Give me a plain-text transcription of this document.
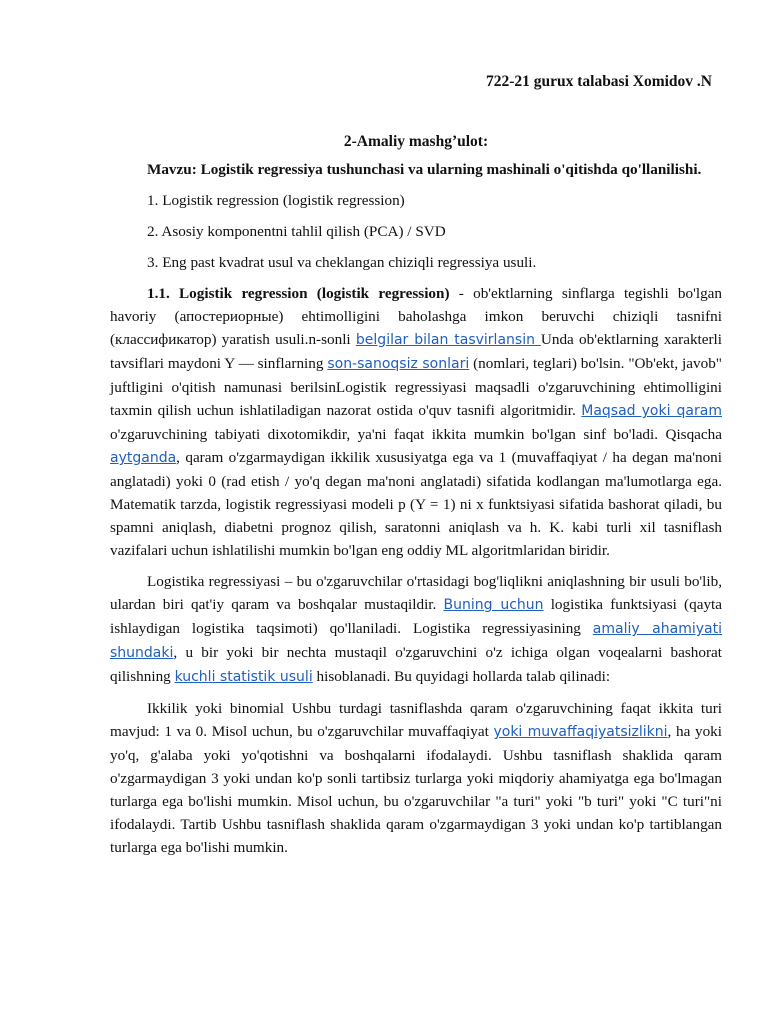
722-21 gurux talabasi Xomidov .N
2-Amaliy mashg’ulot:

Mavzu: Logistik regressiya tushunchasi va ularning mashinali o'qitishda qo'llanilishi.

1. Logistik regression (logistik regression)

2. Asosiy komponentni tahlil qilish (PCA) / SVD

3. Eng past kvadrat usul va cheklangan chiziqli regressiya usuli.

1.1. Logistik regression (logistik regression) - ob'ektlarning sinflarga tegishli bo'lgan havoriy (апостериорные) ehtimolligini baholashga imkon beruvchi chiziqli tasnifni (классификатор) yaratish usuli.n-sonli belgilar bilan tasvirlansin Unda ob'ektlarning xarakterli tavsiflari maydoni Y — sinflarning son-sanoqsiz sonlari (nomlari, teglari) bo'lsin. "Ob'ekt, javob" juftligini o'qitish namunasi berilsinLogistik regressiyasi maqsadli o'zgaruvchining ehtimolligini taxmin qilish uchun ishlatiladigan nazorat ostida o'quv tasnifi algoritmidir. Maqsad yoki qaram o'zgaruvchining tabiyati dixotomikdir, ya'ni faqat ikkita mumkin bo'lgan sinf bo'ladi. Qisqacha aytganda, qaram o'zgarmaydigan ikkilik xususiyatga ega va 1 (muvaffaqiyat / ha degan ma'noni anglatadi) yoki 0 (rad etish / yo'q degan ma'noni anglatadi) sifatida kodlangan ma'lumotlarga ega. Matematik tarzda, logistik regressiyasi modeli p (Y = 1) ni x funktsiyasi sifatida bashorat qiladi, bu spamni aniqlash, diabetni prognoz qilish, saratonni aniqlash va h. K. kabi turli xil tasniflash vazifalari uchun ishlatilishi mumkin bo'lgan eng oddiy ML algoritmlaridan biridir.

Logistika regressiyasi – bu o'zgaruvchilar o'rtasidagi bog'liqlikni aniqlashning bir usuli bo'lib, ulardan biri qat'iy qaram va boshqalar mustaqildir. Buning uchun logistika funktsiyasi (qayta ishlaydigan logistika taqsimoti) qo'llaniladi. Logistika regressiyasining amaliy ahamiyati shundaki, u bir yoki bir nechta mustaqil o'zgaruvchini o'z ichiga olgan voqealarni bashorat qilishning kuchli statistik usuli hisoblanadi. Bu quyidagi hollarda talab qilinadi:

Ikkilik yoki binomial Ushbu turdagi tasniflashda qaram o'zgaruvchining faqat ikkita turi mavjud: 1 va 0. Misol uchun, bu o'zgaruvchilar muvaffaqiyat yoki muvaffaqiyatsizlikni, ha yoki yo'q, g'alaba yoki yo'qotishni va boshqalarni ifodalaydi. Ushbu tasniflash shaklida qaram o'zgarmaydigan 3 yoki undan ko'p sonli tartibsiz turlarga yoki miqdoriy ahamiyatga ega bo'lmagan turlarga ega bo'lishi mumkin. Misol uchun, bu o'zgaruvchilar "a turi" yoki "b turi" yoki "C turi"ni ifodalaydi. Tartib Ushbu tasniflash shaklida qaram o'zgarmaydigan 3 yoki undan ko'p tartiblangan turlarga ega bo'lishi mumkin.
